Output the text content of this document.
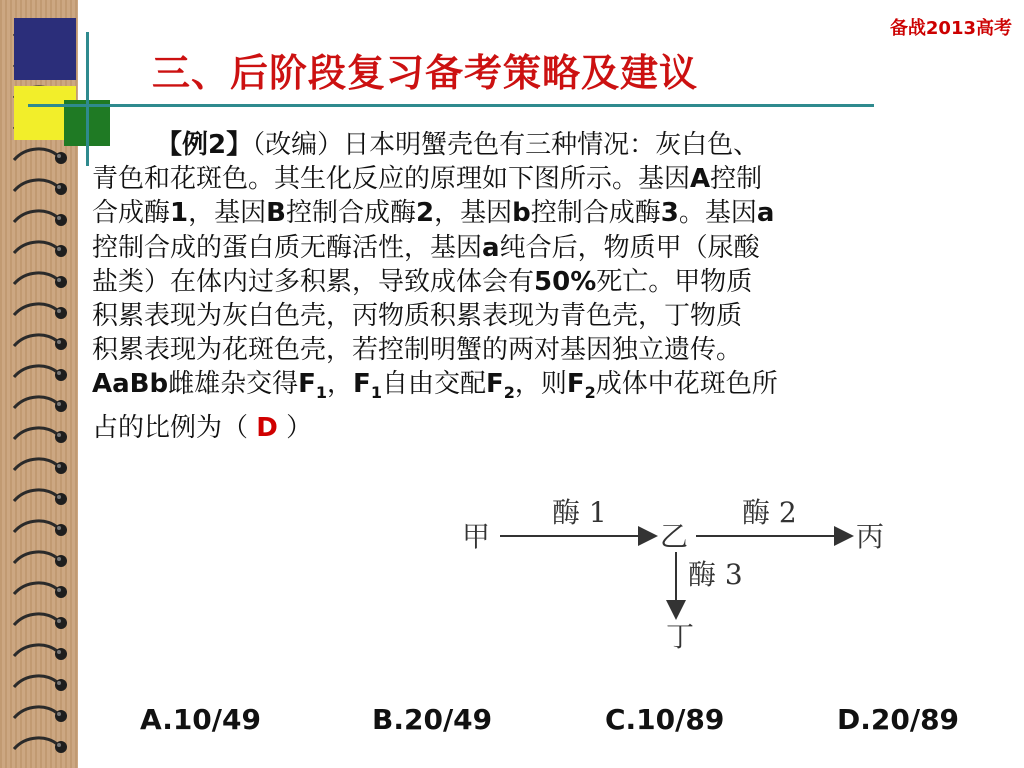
备战2013高考
三、后阶段复习备考策略及建议
【例2】（改编）日本明蟹壳色有三种情况：灰白色、
青色和花斑色。其生化反应的原理如下图所示。基因A控制
合成酶1，基因B控制合成酶2，基因b控制合成酶3。基因a
控制合成的蛋白质无酶活性，基因a纯合后，物质甲（尿酸
盐类）在体内过多积累，导致成体会有50%死亡。甲物质
积累表现为灰白色壳，丙物质积累表现为青色壳，丁物质
积累表现为花斑色壳，若控制明蟹的两对基因独立遗传。
AaBb雌雄杂交得$F_1$，$F_1$自由交配$F_2$，则$F_2$成体中花斑色所
占的比例为（ D ）
甲	乙	丙
丁
酶 1	酶 2
酶 3
A.10/49	B.20/49	C.10/89	D.20/89
